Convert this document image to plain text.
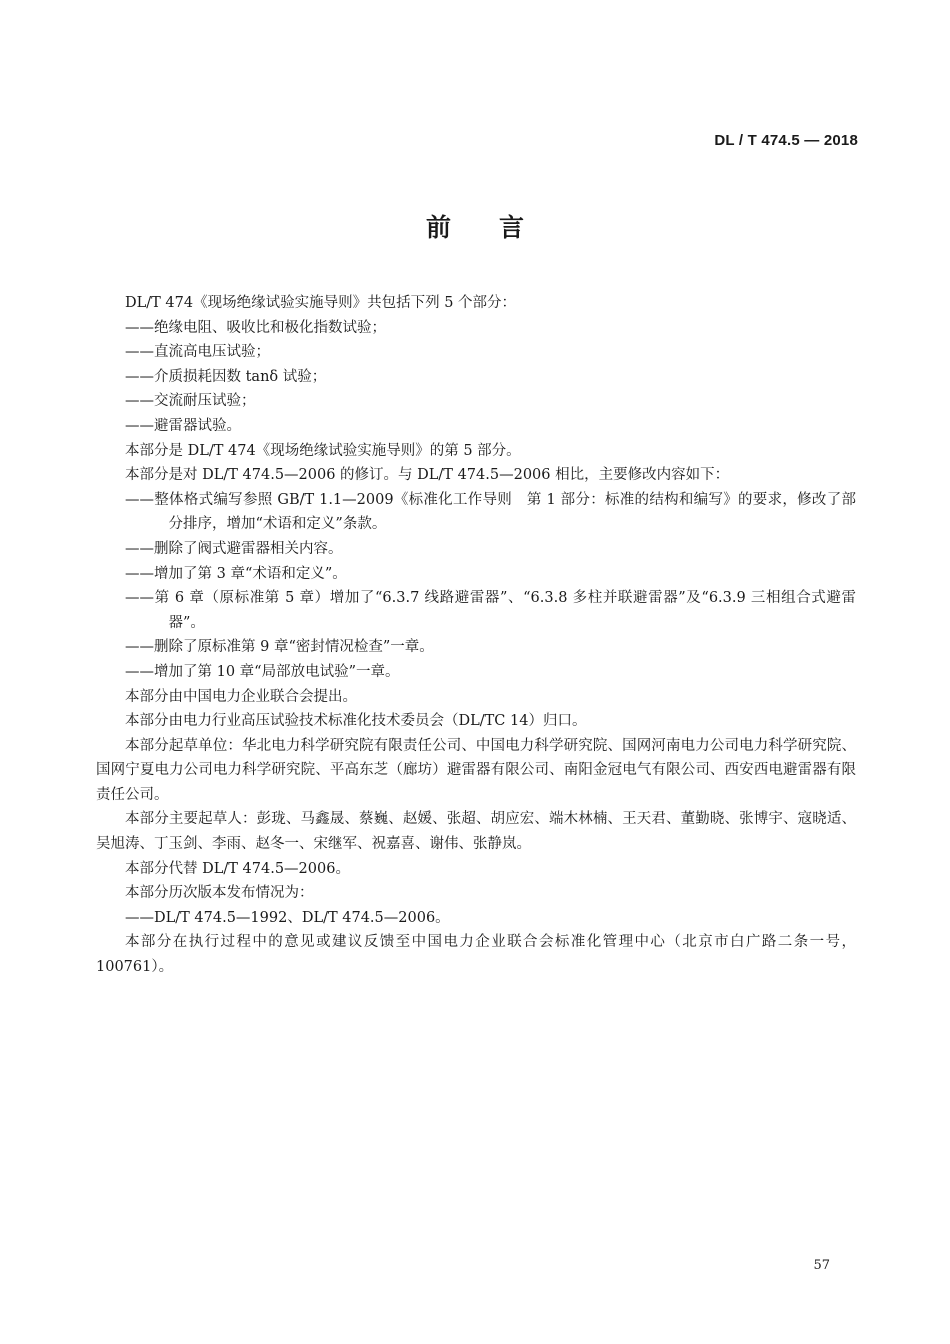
DL / T 474.5 — 2018
前言

DL/T 474《现场绝缘试验实施导则》共包括下列 5 个部分：

——绝缘电阻、吸收比和极化指数试验；

——直流高电压试验；

——介质损耗因数 tanδ 试验；

——交流耐压试验；

——避雷器试验。

本部分是 DL/T 474《现场绝缘试验实施导则》的第 5 部分。

本部分是对 DL/T 474.5—2006 的修订。与 DL/T 474.5—2006 相比，主要修改内容如下：

——整体格式编写参照 GB/T 1.1—2009《标准化工作导则　第 1 部分：标准的结构和编写》的要求，修改了部分排序，增加“术语和定义”条款。

——删除了阀式避雷器相关内容。

——增加了第 3 章“术语和定义”。

——第 6 章（原标准第 5 章）增加了“6.3.7 线路避雷器”、“6.3.8 多柱并联避雷器”及“6.3.9 三相组合式避雷器”。

——删除了原标准第 9 章“密封情况检查”一章。

——增加了第 10 章“局部放电试验”一章。

本部分由中国电力企业联合会提出。

本部分由电力行业高压试验技术标准化技术委员会（DL/TC 14）归口。

本部分起草单位：华北电力科学研究院有限责任公司、中国电力科学研究院、国网河南电力公司电力科学研究院、国网宁夏电力公司电力科学研究院、平高东芝（廊坊）避雷器有限公司、南阳金冠电气有限公司、西安西电避雷器有限责任公司。

本部分主要起草人：彭珑、马鑫晟、蔡巍、赵媛、张超、胡应宏、端木林楠、王天君、董勤晓、张博宇、寇晓适、吴旭涛、丁玉剑、李雨、赵冬一、宋继军、祝嘉喜、谢伟、张静岚。

本部分代替 DL/T 474.5—2006。

本部分历次版本发布情况为：

——DL/T 474.5—1992、DL/T 474.5—2006。

本部分在执行过程中的意见或建议反馈至中国电力企业联合会标准化管理中心（北京市白广路二条一号，100761）。

57
